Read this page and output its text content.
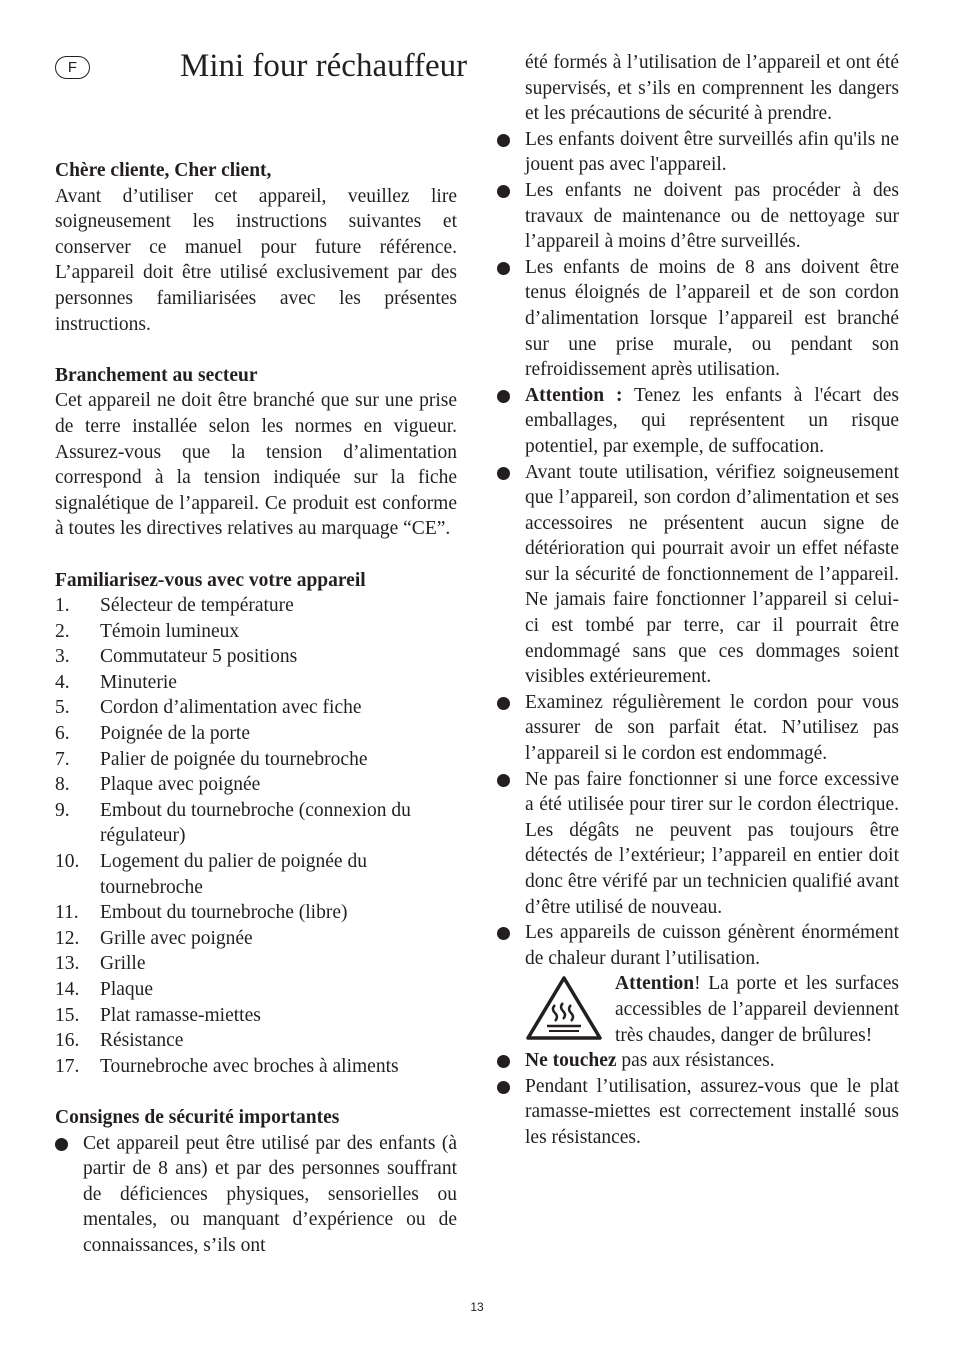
F	Mini four réchauffeur

Chère cliente, Cher client,

Avant d’utiliser cet appareil, veuillez lire soigneusement les instructions suivantes et conserver ce manuel pour future référence. L’appareil doit être utilisé exclusivement par des personnes familiarisées avec les présentes instructions.

Branchement au secteur

Cet appareil ne doit être branché que sur une prise de terre installée selon les normes en vigueur. Assurez-vous que la tension d’alimentation correspond à la tension indiquée sur la fiche signalétique de l’appareil. Ce produit est conforme à toutes les directives relatives au marquage “CE”.

Familiarisez-vous avec votre appareil

1. Sélecteur de température
2. Témoin lumineux
3. Commutateur 5 positions
4. Minuterie
5. Cordon d’alimentation avec fiche
6. Poignée de la porte
7. Palier de poignée du tournebroche
8. Plaque avec poignée
9. Embout du tournebroche (connexion du régulateur)
10. Logement du palier de poignée du tournebroche
11. Embout du tournebroche (libre)
12. Grille avec poignée
13. Grille
14. Plaque
15. Plat ramasse-miettes
16. Résistance
17. Tournebroche avec broches à aliments

Consignes de sécurité importantes

Cet appareil peut être utilisé par des enfants (à partir de 8 ans) et par des personnes souffrant de déficiences physiques, sensorielles ou mentales, ou manquant d’expérience ou de connaissances, s’ils ont

été formés à l’utilisation de l’appareil et ont été supervisés, et s’ils en comprennent les dangers et les précautions de sécurité à prendre.

Les enfants doivent être surveillés afin qu'ils ne jouent pas avec l'appareil.
Les enfants ne doivent pas procéder à des travaux de maintenance ou de nettoyage sur l’appareil à moins d’être surveillés.
Les enfants de moins de 8 ans doivent être tenus éloignés de l’appareil et de son cordon d’alimentation lorsque l’appareil est branché sur une prise murale, ou pendant son refroidissement après utilisation.
Attention : Tenez les enfants à l'écart des emballages, qui représentent un risque potentiel, par exemple, de suffocation.
Avant toute utilisation, vérifiez soigneusement que l’appareil, son cordon d’alimentation et ses accessoires ne présentent aucun signe de détérioration qui pourrait avoir un effet néfaste sur la sécurité de fonctionnement de l’appareil. Ne jamais faire fonctionner l’appareil si celui-ci est tombé par terre, car il pourrait être endommagé sans que ces dommages soient visibles extérieurement.
Examinez régulièrement le cordon pour vous assurer de son parfait état. N’utilisez pas l’appareil si le cordon est endommagé.
Ne pas faire fonctionner si une force excessive a été utilisée pour tirer sur le cordon électrique. Les dégâts ne peuvent pas toujours être détectés de l’extérieur; l’appareil en entier doit donc être vérifé par un technicien qualifié avant d’être utilisé de nouveau.
Les appareils de cuisson génèrent énormément de chaleur durant l’utilisation.
Attention! La porte et les surfaces accessibles de l’appareil deviennent très chaudes, danger de brûlures!
Ne touchez pas aux résistances.
Pendant l’utilisation, assurez-vous que le plat ramasse-miettes est correctement installé sous les résistances.
13
